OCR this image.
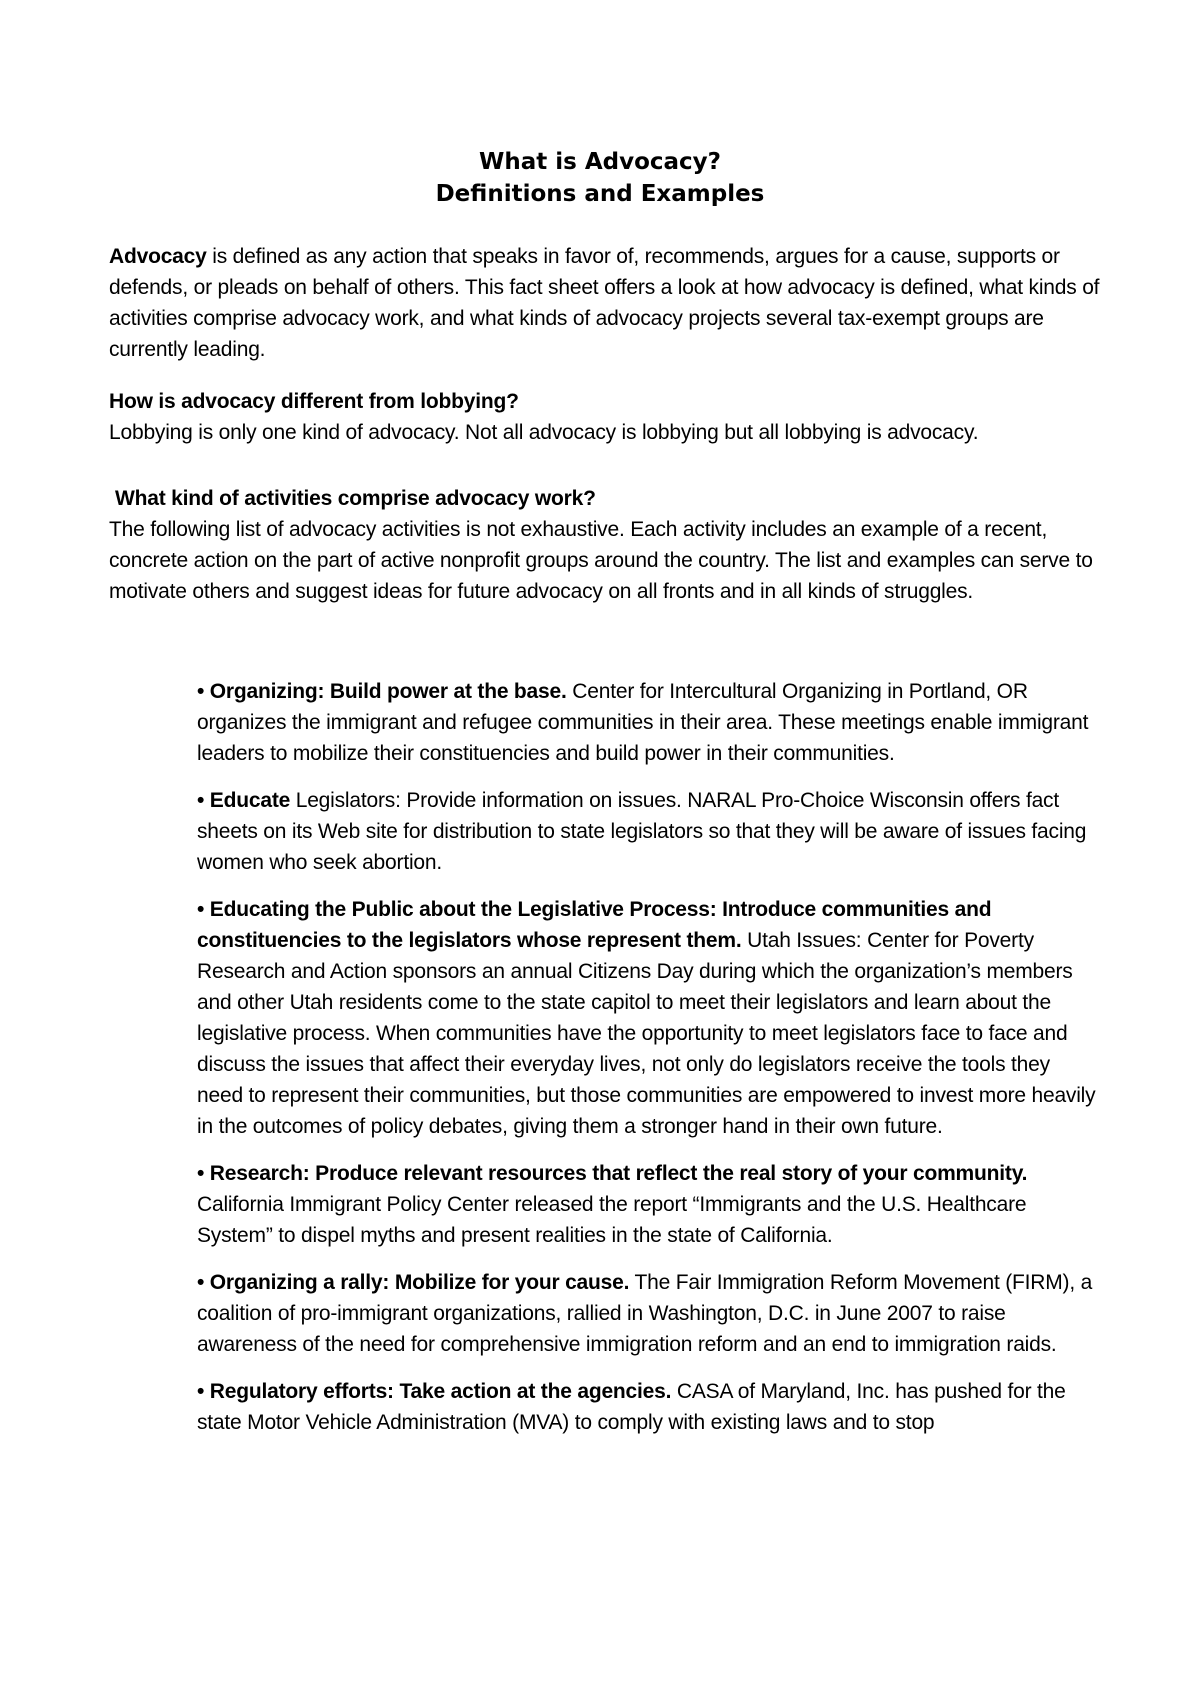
What is Advocacy?
Definitions and Examples

Advocacy is defined as any action that speaks in favor of, recommends, argues for a cause, supports or defends, or pleads on behalf of others. This fact sheet offers a look at how advocacy is defined, what kinds of activities comprise advocacy work, and what kinds of advocacy projects several tax-exempt groups are currently leading.

How is advocacy different from lobbying?
Lobbying is only one kind of advocacy. Not all advocacy is lobbying but all lobbying is advocacy.
What kind of activities comprise advocacy work?
The following list of advocacy activities is not exhaustive. Each activity includes an example of a recent, concrete action on the part of active nonprofit groups around the country. The list and examples can serve to motivate others and suggest ideas for future advocacy on all fronts and in all kinds of struggles.
• Organizing: Build power at the base. Center for Intercultural Organizing in Portland, OR organizes the immigrant and refugee communities in their area. These meetings enable immigrant leaders to mobilize their constituencies and build power in their communities.
• Educate Legislators: Provide information on issues. NARAL Pro-Choice Wisconsin offers fact sheets on its Web site for distribution to state legislators so that they will be aware of issues facing women who seek abortion.
• Educating the Public about the Legislative Process: Introduce communities and constituencies to the legislators whose represent them. Utah Issues: Center for Poverty Research and Action sponsors an annual Citizens Day during which the organization’s members and other Utah residents come to the state capitol to meet their legislators and learn about the legislative process. When communities have the opportunity to meet legislators face to face and discuss the issues that affect their everyday lives, not only do legislators receive the tools they need to represent their communities, but those communities are empowered to invest more heavily in the outcomes of policy debates, giving them a stronger hand in their own future.
• Research: Produce relevant resources that reflect the real story of your community. California Immigrant Policy Center released the report “Immigrants and the U.S. Healthcare System” to dispel myths and present realities in the state of California.
• Organizing a rally: Mobilize for your cause. The Fair Immigration Reform Movement (FIRM), a coalition of pro-immigrant organizations, rallied in Washington, D.C. in June 2007 to raise awareness of the need for comprehensive immigration reform and an end to immigration raids.
• Regulatory efforts: Take action at the agencies. CASA of Maryland, Inc. has pushed for the state Motor Vehicle Administration (MVA) to comply with existing laws and to stop
